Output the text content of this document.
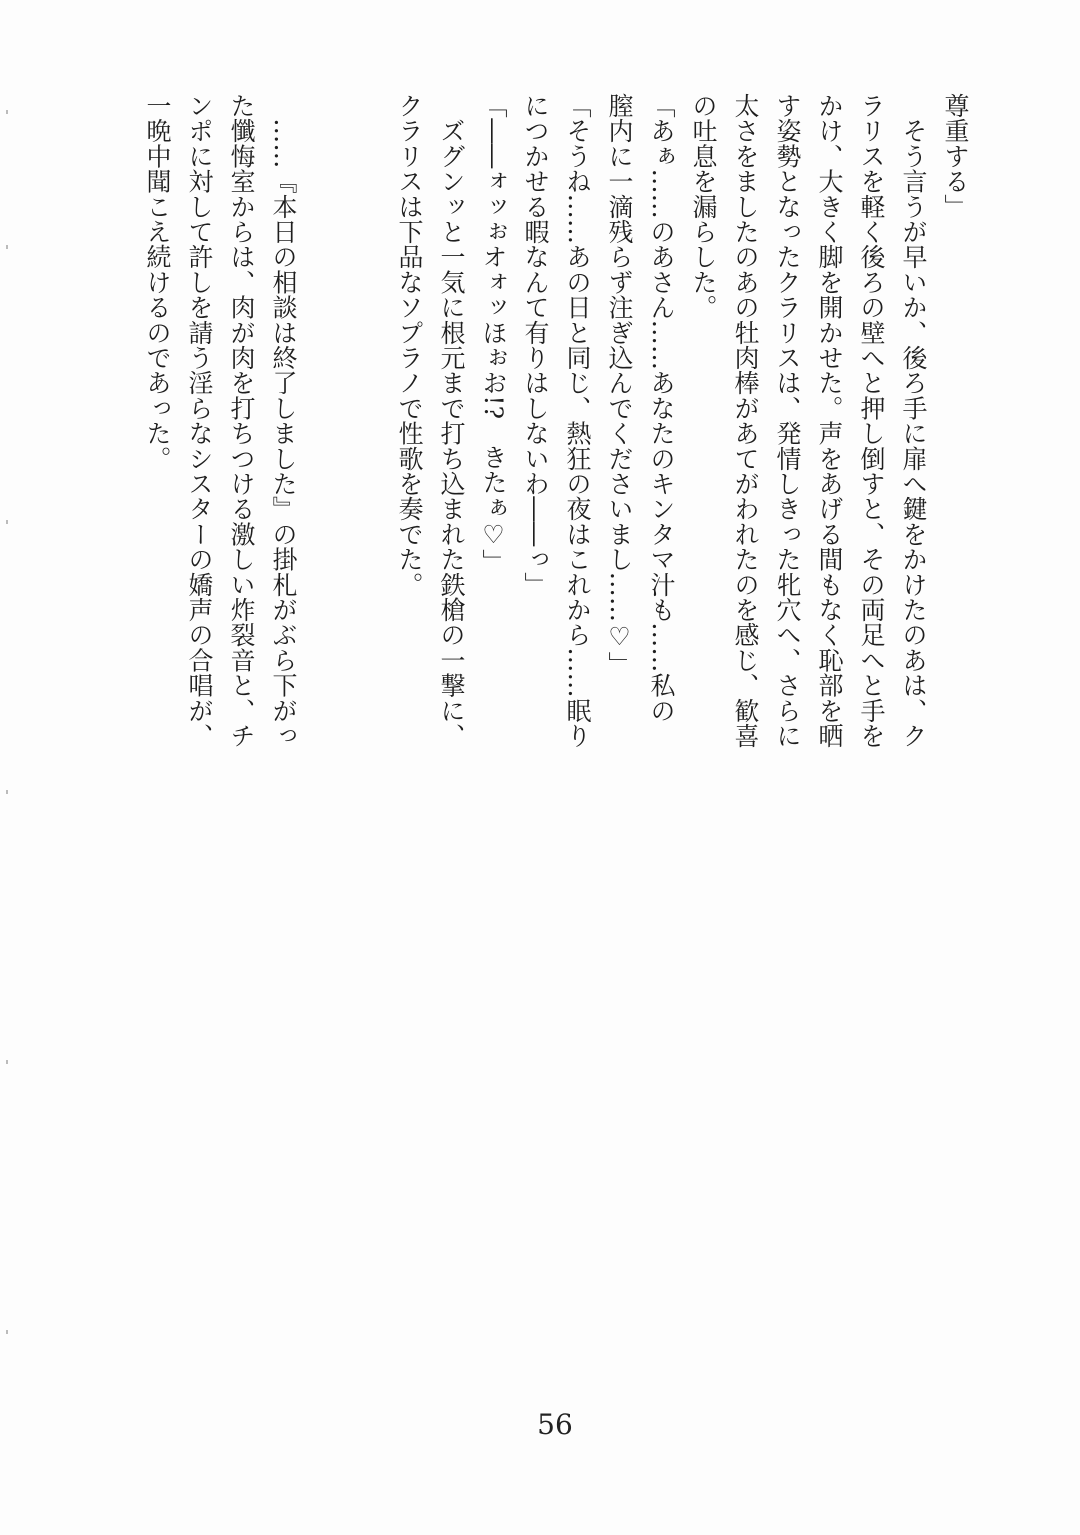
尊重する」
　そう言うが早いか、後ろ手に扉へ鍵をかけたのあは、ク
ラリスを軽く後ろの壁へと押し倒すと、その両足へと手を
かけ、大きく脚を開かせた。声をあげる間もなく恥部を晒
す姿勢となったクラリスは、発情しきった牝穴へ、さらに
太さをましたのあの牡肉棒があてがわれたのを感じ、歓喜
の吐息を漏らした。
「あぁ……のあさん……あなたのキンタマ汁も……私の
膣内に一滴残らず注ぎ込んでくださいまし……♡」
「そうね……あの日と同じ、熱狂の夜はこれから……眠り
につかせる暇なんて有りはしないわ――っ」
「――ォッぉオォッほぉお!?　きたぁ♡」
　ズグンッと一気に根元まで打ち込まれた鉄槍の一撃に、
クラリスは下品なソプラノで性歌を奏でた。
　……『本日の相談は終了しました』の掛札がぶら下がっ
た懺悔室からは、肉が肉を打ちつける激しい炸裂音と、チ
ンポに対して許しを請う淫らなシスターの嬌声の合唱が、
一晩中聞こえ続けるのであった。
56
